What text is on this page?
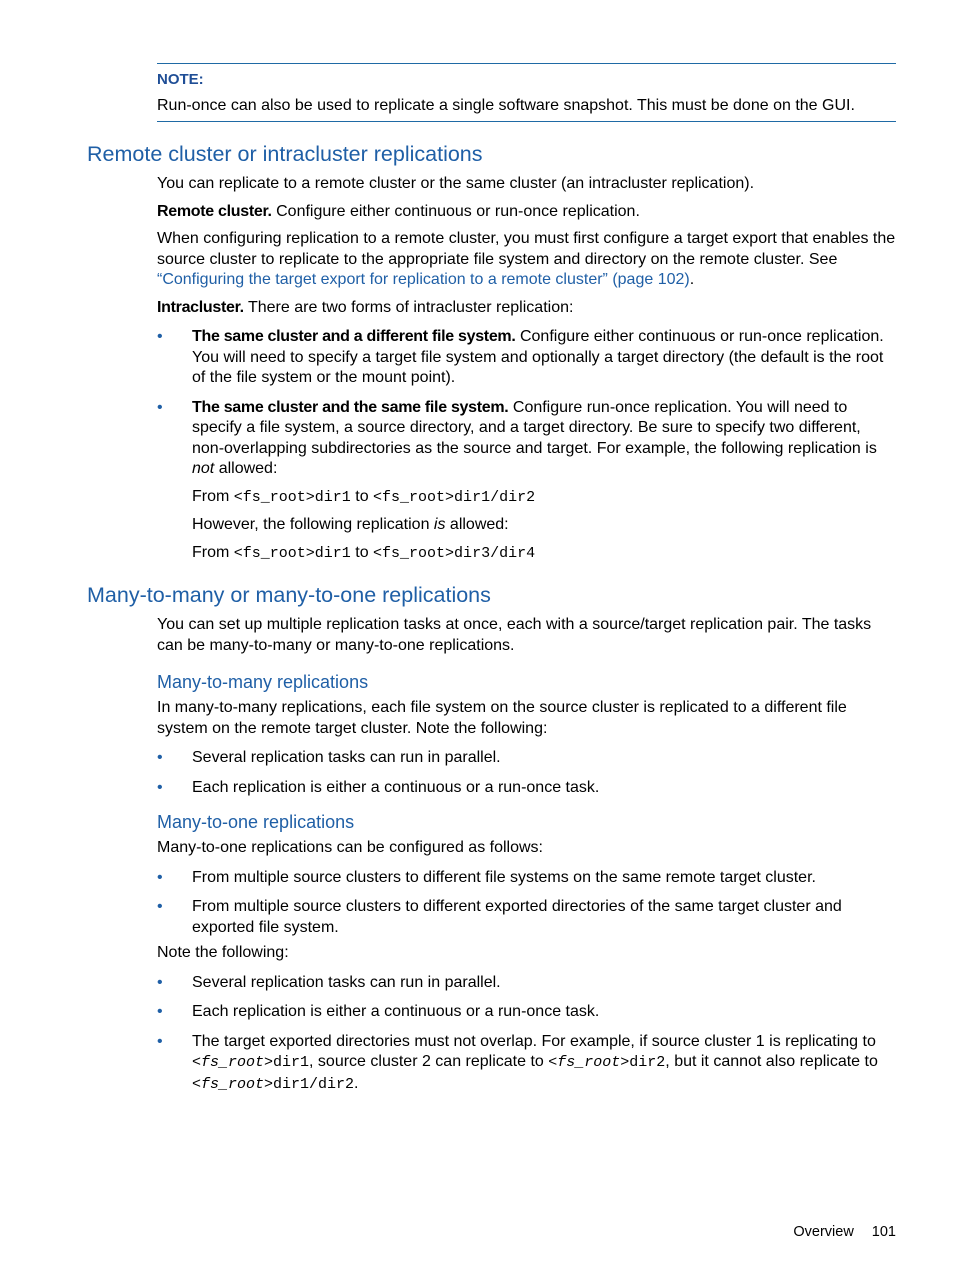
NOTE:
Run-once can also be used to replicate a single software snapshot. This must be done on the GUI.
Remote cluster or intracluster replications

You can replicate to a remote cluster or the same cluster (an intracluster replication).

Remote cluster. Configure either continuous or run-once replication.

When configuring replication to a remote cluster, you must first configure a target export that enables the source cluster to replicate to the appropriate file system and directory on the remote cluster. See “Configuring the target export for replication to a remote cluster” (page 102).

Intracluster. There are two forms of intracluster replication:

• The same cluster and a different file system. Configure either continuous or run-once replication. You will need to specify a target file system and optionally a target directory (the default is the root of the file system or the mount point).
• The same cluster and the same file system. Configure run-once replication. You will need to specify a file system, a source directory, and a target directory. Be sure to specify two different, non-overlapping subdirectories as the source and target. For example, the following replication is not allowed:

From <fs_root>dir1 to <fs_root>dir1/dir2

However, the following replication is allowed:

From <fs_root>dir1 to <fs_root>dir3/dir4

Many-to-many or many-to-one replications

You can set up multiple replication tasks at once, each with a source/target replication pair. The tasks can be many-to-many or many-to-one replications.

Many-to-many replications

In many-to-many replications, each file system on the source cluster is replicated to a different file system on the remote target cluster. Note the following:

• Several replication tasks can run in parallel.
• Each replication is either a continuous or a run-once task.
Many-to-one replications

Many-to-one replications can be configured as follows:

• From multiple source clusters to different file systems on the same remote target cluster.
• From multiple source clusters to different exported directories of the same target cluster and exported file system.

Note the following:

• Several replication tasks can run in parallel.
• Each replication is either a continuous or a run-once task.
• The target exported directories must not overlap. For example, if source cluster 1 is replicating to <fs_root>dir1, source cluster 2 can replicate to <fs_root>dir2, but it cannot also replicate to <fs_root>dir1/dir2.
Overview 101
